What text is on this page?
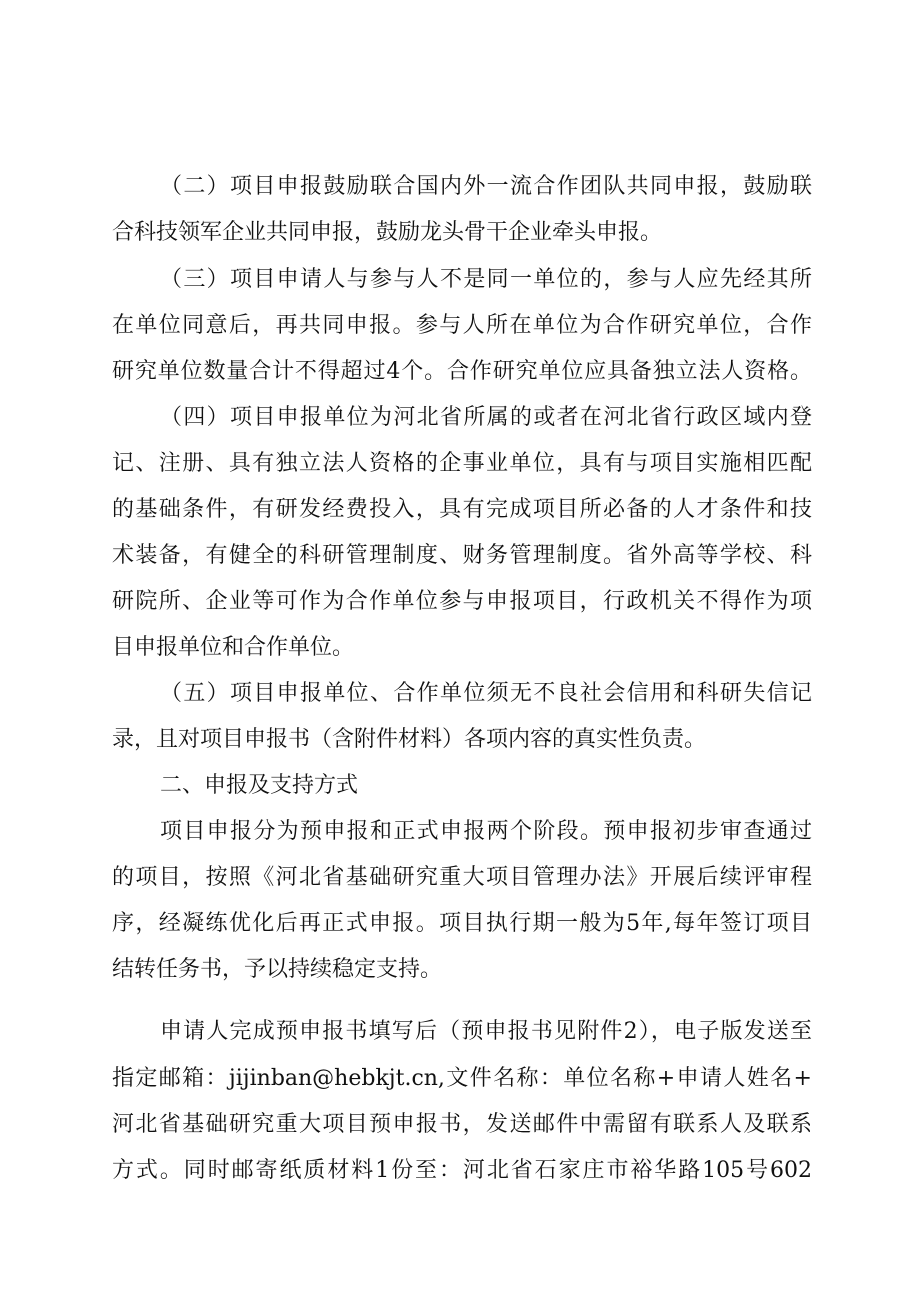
（二）项目申报鼓励联合国内外一流合作团队共同申报，鼓励联
合科技领军企业共同申报，鼓励龙头骨干企业牵头申报。
（三）项目申请人与参与人不是同一单位的，参与人应先经其所
在单位同意后，再共同申报。参与人所在单位为合作研究单位，合作
研究单位数量合计不得超过4个。合作研究单位应具备独立法人资格。
（四）项目申报单位为河北省所属的或者在河北省行政区域内登
记、注册、具有独立法人资格的企事业单位，具有与项目实施相匹配
的基础条件，有研发经费投入，具有完成项目所必备的人才条件和技
术装备，有健全的科研管理制度、财务管理制度。省外高等学校、科
研院所、企业等可作为合作单位参与申报项目，行政机关不得作为项
目申报单位和合作单位。
（五）项目申报单位、合作单位须无不良社会信用和科研失信记
录，且对项目申报书（含附件材料）各项内容的真实性负责。
二、申报及支持方式
项目申报分为预申报和正式申报两个阶段。预申报初步审查通过
的项目，按照《河北省基础研究重大项目管理办法》开展后续评审程
序，经凝练优化后再正式申报。项目执行期一般为5年,每年签订项目
结转任务书，予以持续稳定支持。
申请人完成预申报书填写后（预申报书见附件2），电子版发送至
指定邮箱：jijinban@hebkjt.cn,文件名称：单位名称+申请人姓名+
河北省基础研究重大项目预申报书，发送邮件中需留有联系人及联系
方式。同时邮寄纸质材料1份至：河北省石家庄市裕华路105号602
